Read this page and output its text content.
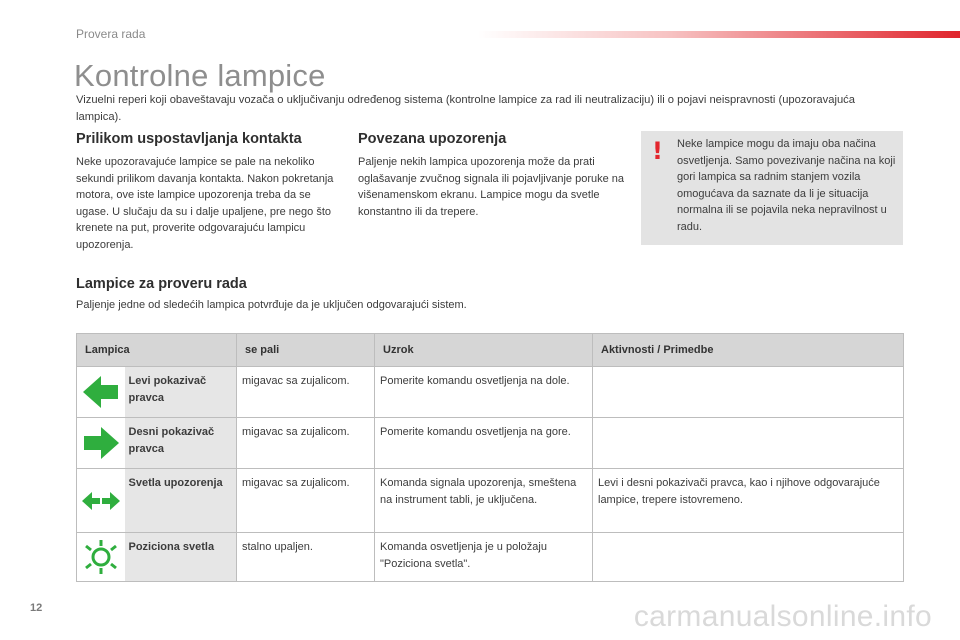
Provera rada
Kontrolne lampice

Vizuelni reperi koji obaveštavaju vozača o uključivanju određenog sistema (kontrolne lampice za rad ili neutralizaciju) ili o pojavi neispravnosti (upozoravajuća lampica).

Prilikom uspostavljanja kontakta

Neke upozoravajuće lampice se pale na nekoliko sekundi prilikom davanja kontakta. Nakon pokretanja motora, ove iste lampice upozorenja treba da se ugase. U slučaju da su i dalje upaljene, pre nego što krenete na put, proverite odgovarajuću lampicu upozorenja.

Povezana upozorenja

Paljenje nekih lampica upozorenja može da prati oglašavanje zvučnog signala ili pojavljivanje poruke na višenamenskom ekranu. Lampice mogu da svetle konstantno ili da trepere.

! Neke lampice mogu da imaju oba načina osvetljenja. Samo povezivanje načina na koji gori lampica sa radnim stanjem vozila omogućava da saznate da li je situacija normalna ili se pojavila neka nepravilnost u radu.

Lampice za proveru rada

Paljenje jedne od sledećih lampica potvrđuje da je uključen odgovarajući sistem.

Lampica		se pali	Uzrok	Aktivnosti / Primedbe
	Levi pokazivač pravca	migavac sa zujalicom.	Pomerite komandu osvetljenja na dole.	
	Desni pokazivač pravca	migavac sa zujalicom.	Pomerite komandu osvetljenja na gore.	
	Svetla upozorenja	migavac sa zujalicom.	Komanda signala upozorenja, smeštena na instrument tabli, je uključena.	Levi i desni pokazivači pravca, kao i njihove odgovarajuće lampice, trepere istovremeno.
	Poziciona svetla	stalno upaljen.	Komanda osvetljenja je u položaju "Poziciona svetla".	
12	carmanualsonline.info
